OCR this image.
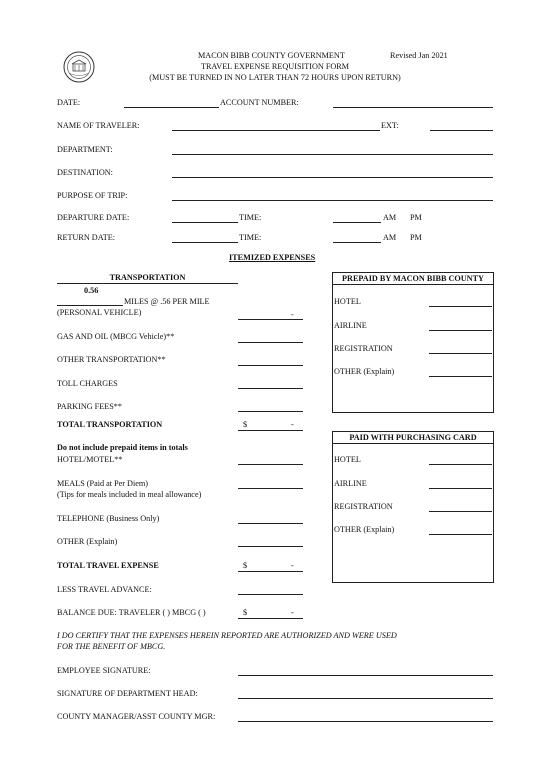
MACON BIBB COUNTY GOVERNMENT	Revised Jan 2021
TRAVEL EXPENSE REQUISITION FORM
(MUST BE TURNED IN NO LATER THAN 72 HOURS UPON RETURN)
DATE:	ACCOUNT NUMBER:
NAME OF TRAVELER:	EXT:
DEPARTMENT:
DESTINATION:
PURPOSE OF TRIP:
DEPARTURE DATE:	TIME:	AM PM
RETURN DATE:	TIME:	AM PM
ITEMIZED EXPENSES
TRANSPORTATION
0.56
MILES @ .56 PER MILE
(PERSONAL VEHICLE)	-
GAS AND OIL (MBCG Vehicle)**
OTHER TRANSPORTATION**
TOLL CHARGES
PARKING FEES**
TOTAL TRANSPORTATION	$	-
Do not include prepaid items in totals
HOTEL/MOTEL**
MEALS (Paid at Per Diem)
(Tips for meals included in meal allowance)
TELEPHONE (Business Only)
OTHER (Explain)
TOTAL TRAVEL EXPENSE	$	-
LESS TRAVEL ADVANCE:
BALANCE DUE: TRAVELER ( ) MBCG ( )	$	-
PREPAID BY MACON BIBB COUNTY
HOTEL
AIRLINE
REGISTRATION
OTHER (Explain)
PAID WITH PURCHASING CARD
HOTEL
AIRLINE
REGISTRATION
OTHER (Explain)
I DO CERTIFY THAT THE EXPENSES HEREIN REPORTED ARE AUTHORIZED AND WERE USED
FOR THE BENEFIT OF MBCG.
EMPLOYEE SIGNATURE:
SIGNATURE OF DEPARTMENT HEAD:
COUNTY MANAGER/ASST COUNTY MGR:
